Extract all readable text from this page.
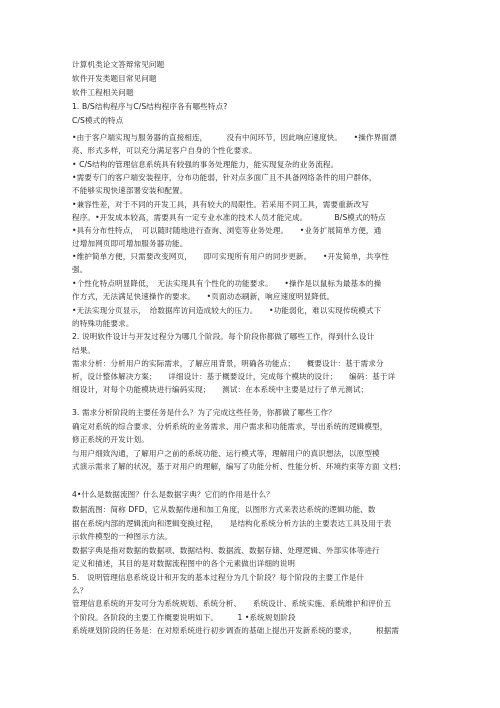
计算机类论文答辩常见问题
软件开发类题目常见问题
软件工程相关问题
1. B/S结构程序与C/S结构程序各有哪些特点?
C/S模式的特点
•由于客户端实现与服务器的直接相连，　　　没有中间环节，因此响应速度快。　　•操作界面漂
亮、形式多样，可以充分满足客户自身的个性化要求。
• C/S结构的管理信息系统具有较强的事务处理能力，能实现复杂的业务流程。
•需要专门的客户端安装程序，分布功能弱，针对点多面广且不具备网络条件的用户群体，
不能够实现快速部署安装和配置。
•兼容性差，对于不同的开发工具，具有较大的局限性。若采用不同工具，需要重新改写
程序。•开发成本较高，需要具有一定专业水准的技术人员才能完成。　　　　B/S模式的特点
•具有分布性特点，　可以随时随地进行查询、浏览等业务处理。　　•业务扩展简单方便，通
过增加网页即可增加服务器功能。
•维护简单方便，只需要改变网页，　　即可实现所有用户的同步更新。　　•开发简单，共享性
强。
•个性化特点明显降低，　无法实现具有个性化的功能要求。　　•操作是以鼠标为最基本的操
作方式，无法满足快速操作的要求。　　•页面动态刷新，响应速度明显降低。
•无法实现分页显示，　给数据库访问造成较大的压力。　　•功能弱化，难以实现传统模式下
的特殊功能要求。
2. 说明软件设计与开发过程分为哪几个阶段。每个阶段你都做了哪些工作，得到什么设计
结果。
需求分析：分析用户的实际需求，了解应用背景，明确各功能点；　　概要设计：基于需求分
析，设计整体解决方案；　　详细设计：基于概要设计，完成每个模块的设计；　　编码：基于详
细设计，对每个功能模块进行编码实现；　　测试：在本系统中主要是过行了单元测试；
3. 需求分析阶段的主要任务是什么？为了完成这些任务，你都做了哪些工作？
确定对系统的综合要求、分析系统的业务需求、用户需求和功能需求，导出系统的逻辑模型，
修正系统的开发计划。
与用户细致沟通，了解用户之前的系统功能、运行模式等，理解用户的真识想法，以原型模
式演示需求了解的状况，基于对用户的理解，编写了功能分析、性能分析、环境约束等方面 文档；
4•什么是数据流图？什么是数据字典？它们的作用是什么？
数据流图：简称 DFD，它从数据传递和加工角度，以图形方式来表达系统的逻辑功能、数
据在系统内部的逻辑流向和逻辑变换过程，　　是结构化系统分析方法的主要表达工具及用于表
示软件模型的一种图示方法。
数据字典是指对数据的数据项、数据结构、数据流、数据存储、处理逻辑、外部实体等进行
定义和描述，其目的是对数据流程图中的各个元素做出详细的说明
5.　说明管理信息系统设计和开发的基本过程分为几个阶段？每个阶段的主要工作是什
么？
管理信息系统的开发可分为系统规划、系统分析、　　系统设计、系统实施、系统维护和评价五
个阶段。各阶段的主要工作概要说明如下。　　　1 •系统规划阶段
系统规划阶段的任务是：在对原系统进行初步调查的基础上提出开发新系统的要求，　　　根据需
